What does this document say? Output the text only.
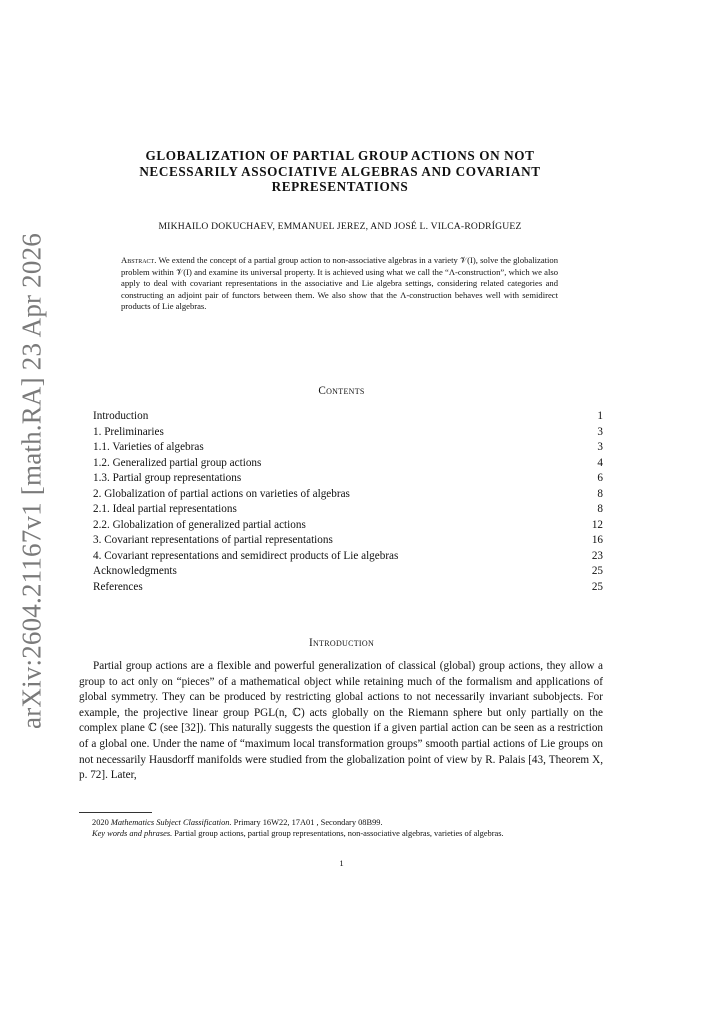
arXiv:2604.21167v1 [math.RA] 23 Apr 2026
GLOBALIZATION OF PARTIAL GROUP ACTIONS ON NOT
NECESSARILY ASSOCIATIVE ALGEBRAS AND COVARIANT
REPRESENTATIONS
MIKHAILO DOKUCHAEV, EMMANUEL JEREZ, AND JOSÉ L. VILCA-RODRÍGUEZ
Abstract. We extend the concept of a partial group action to non-associative algebras in a variety 𝒱(I), solve the globalization problem within 𝒱(I) and examine its universal property. It is achieved using what we call the “Λ-construction”, which we also apply to deal with covariant representations in the associative and Lie algebra settings, considering related categories and constructing an adjoint pair of functors between them. We also show that the Λ-construction behaves well with semidirect products of Lie algebras.
Contents
Introduction	1
1. Preliminaries	3
1.1. Varieties of algebras	3
1.2. Generalized partial group actions	4
1.3. Partial group representations	6
2. Globalization of partial actions on varieties of algebras	8
2.1. Ideal partial representations	8
2.2. Globalization of generalized partial actions	12
3. Covariant representations of partial representations	16
4. Covariant representations and semidirect products of Lie algebras	23
Acknowledgments	25
References	25
Introduction

Partial group actions are a flexible and powerful generalization of classical (global) group actions, they allow a group to act only on “pieces” of a mathematical object while retaining much of the formalism and applications of global symmetry. They can be produced by restricting global actions to not necessarily invariant subobjects. For example, the projective linear group PGL(n, ℂ) acts globally on the Riemann sphere but only partially on the complex plane ℂ (see [32]). This naturally suggests the question if a given partial action can be seen as a restriction of a global one. Under the name of “maximum local transformation groups” smooth partial actions of Lie groups on not necessarily Hausdorff manifolds were studied from the globalization point of view by R. Palais [43, Theorem X, p. 72]. Later,

2020 Mathematics Subject Classification. Primary 16W22, 17A01 , Secondary 08B99.

Key words and phrases. Partial group actions, partial group representations, non-associative algebras, varieties of algebras.

1
